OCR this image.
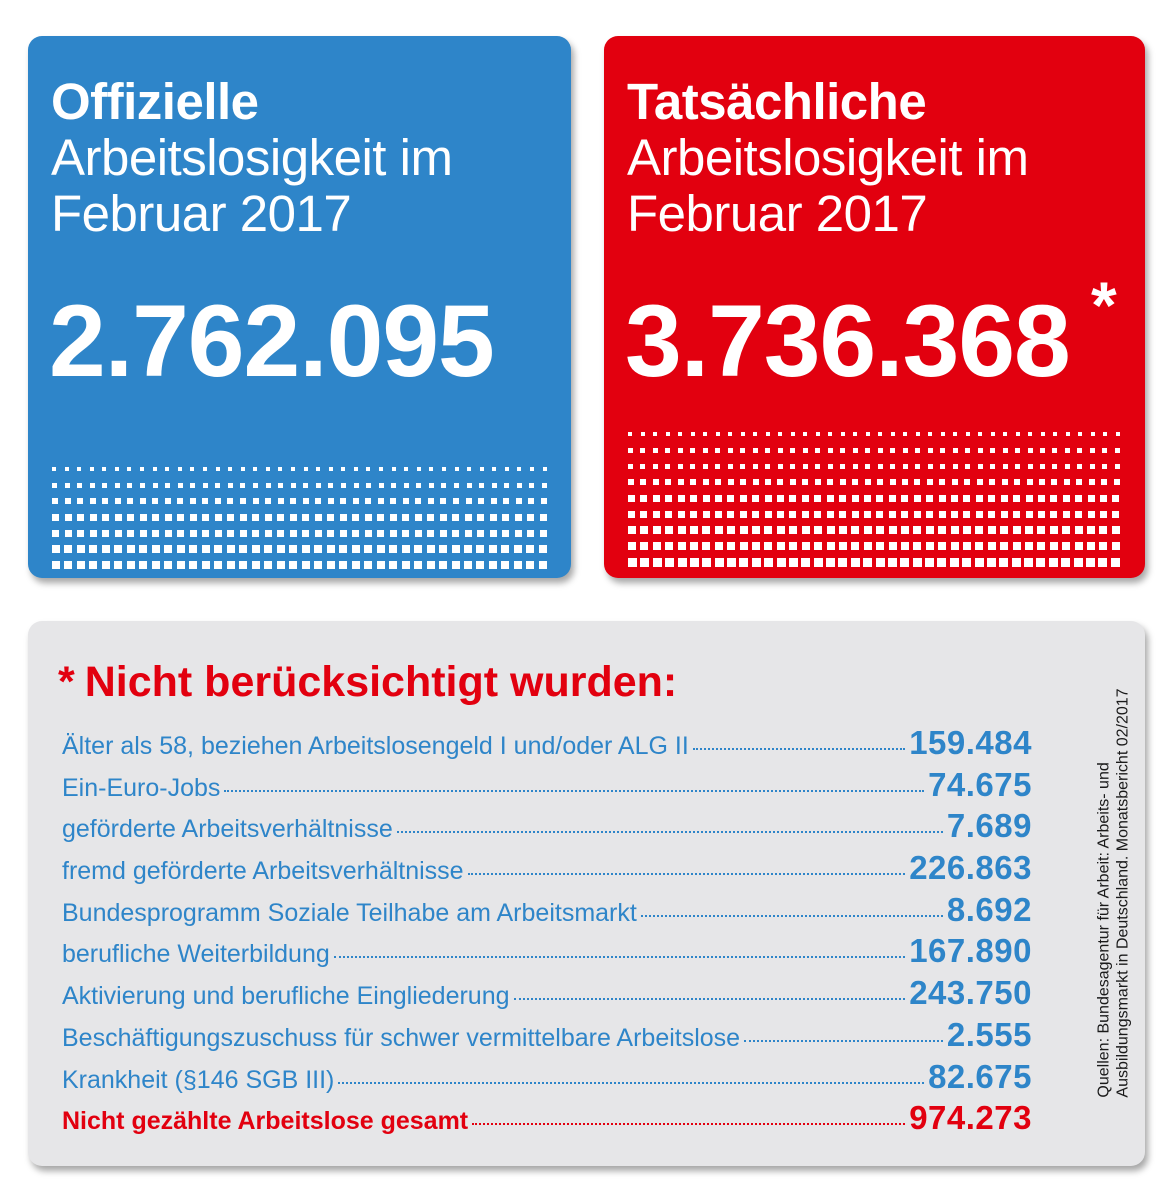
Offizielle
Arbeitslosigkeit im
Februar 2017
2.762.095
Tatsächliche
Arbeitslosigkeit im
Februar 2017
3.736.368 *
* Nicht berücksichtigt wurden:
Älter als 58, beziehen Arbeitslosengeld I und/oder ALG II	159.484
Ein-Euro-Jobs	74.675
geförderte Arbeitsverhältnisse	7.689
fremd geförderte Arbeitsverhältnisse	226.863
Bundesprogramm Soziale Teilhabe am Arbeitsmarkt	8.692
berufliche Weiterbildung	167.890
Aktivierung und berufliche Eingliederung	243.750
Beschäftigungszuschuss für schwer vermittelbare Arbeitslose	2.555
Krankheit (§146 SGB III)	82.675
Nicht gezählte Arbeitslose gesamt	974.273
Quellen: Bundesagentur für Arbeit: Arbeits- und Ausbildungsmarkt in Deutschland. Monatsbericht 02/2017
